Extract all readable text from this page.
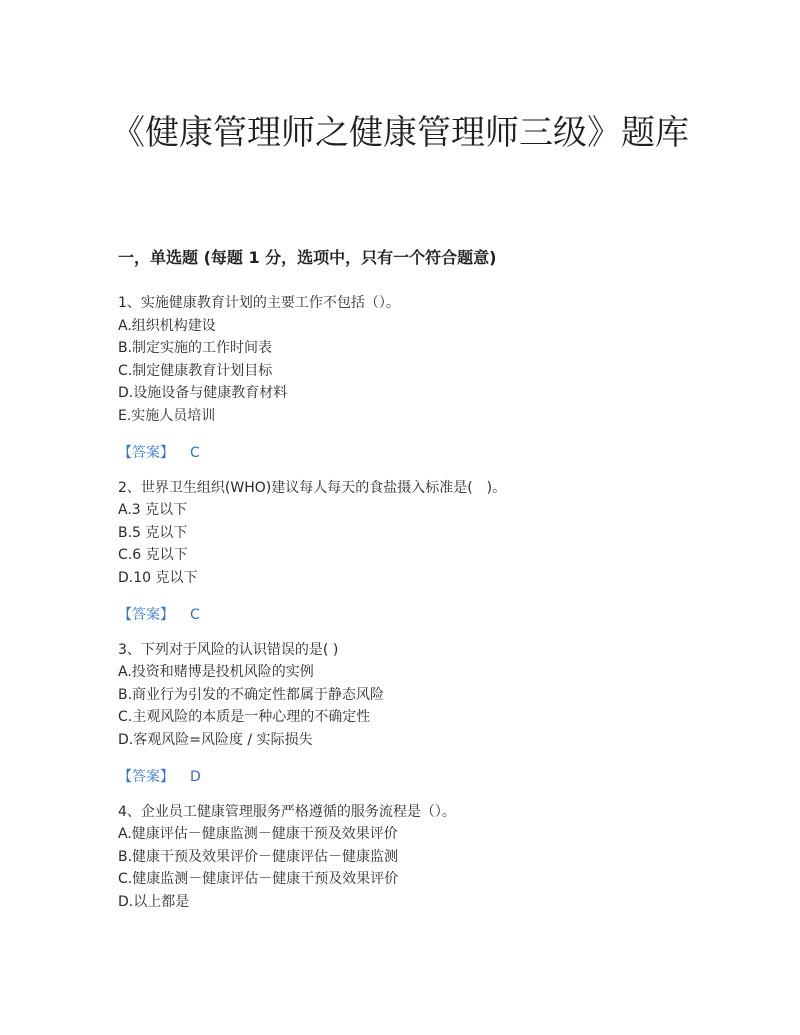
《健康管理师之健康管理师三级》题库
一，单选题 (每题 1 分，选项中，只有一个符合题意)
1、实施健康教育计划的主要工作不包括（）。
A.组织机构建设
B.制定实施的工作时间表
C.制定健康教育计划目标
D.设施设备与健康教育材料
E.实施人员培训
【答案】 C
2、世界卫生组织(WHO)建议每人每天的食盐摄入标准是(　)。
A.3 克以下
B.5 克以下
C.6 克以下
D.10 克以下
【答案】 C
3、下列对于风险的认识错误的是( )
A.投资和赌博是投机风险的实例
B.商业行为引发的不确定性都属于静态风险
C.主观风险的本质是一种心理的不确定性
D.客观风险=风险度 / 实际损失
【答案】 D
4、企业员工健康管理服务严格遵循的服务流程是（）。
A.健康评估－健康监测－健康干预及效果评价
B.健康干预及效果评价－健康评估－健康监测
C.健康监测－健康评估－健康干预及效果评价
D.以上都是
